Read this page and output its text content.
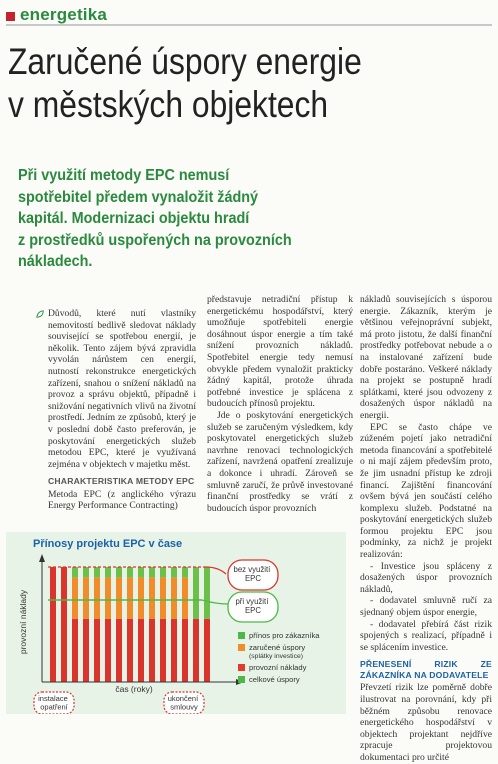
energetika
Zaručené úspory energie
v městských objektech
Při využití metody EPC nemusí
spotřebitel předem vynaložit žádný
kapitál. Modernizaci objektu hradí
z prostředků uspořených na provozních
nákladech.

Důvodů, které nutí vlastníky nemovitostí bedlivě sledovat náklady související se spotřebou energií, je několik. Tento zájem bývá zpravidla vyvolán nárůstem cen energií, nutností rekonstrukce energetických zařízení, snahou o snížení nákladů na provoz a správu objektů, případně i snižování negativních vlivů na životní prostředí. Jedním ze způsobů, který je v poslední době často preferován, je poskytování energetických služeb metodou EPC, které je využívaná zejména v objektech v majetku měst.

CHARAKTERISTIKA METODY EPC

Metoda EPC (z anglického výrazu Energy Performance Contracting)

představuje netradiční přístup k energetickému hospodářství, který umožňuje spotřebiteli energie dosáhnout úspor energie a tím také snížení provozních nákladů. Spotřebitel energie tedy nemusí obvykle předem vynaložit prakticky žádný kapitál, protože úhrada potřebné investice je splácena z budoucích přínosů projektu.

Jde o poskytování energetických služeb se zaručeným výsledkem, kdy poskytovatel energetických služeb navrhne renovaci technologických zařízení, navržená opatření zrealizuje a dokonce i uhradí. Zároveň se smluvně zaručí, že průvě investované finanční prostředky se vrátí z budoucích úspor provozních

nákladů souvisejících s úsporou energie. Zákazník, kterým je většinou veřejnoprávní subjekt, má proto jistotu, že další finanční prostředky potřebovat nebude a o na instalované zařízení bude dobře postaráno. Veškeré náklady na projekt se postupně hradí splátkami, které jsou odvozeny z dosažených úspor nákladů na energii.

EPC se často chápe ve zúženém pojetí jako netradiční metoda financování a spotřebitelé o ni mají zájem především proto, že jim usnadní přístup ke zdroji financí. Zajištění financování ovšem bývá jen součástí celého komplexu služeb. Podstatné na poskytování energetických služeb formou projektu EPC jsou podmínky, za nichž je projekt realizován:

- Investice jsou spláceny z dosažených úspor provozních nákladů,

- dodavatel smluvně ručí za sjednaný objem úspor energie,

- dodavatel přebírá část rizik spojených s realizací, případně i se splácením investice.

PŘENESENÍ RIZIK ZE ZÁKAZNÍKA NA DODAVATELE

Převzetí rizik lze poměrně dobře ilustrovat na porovnání, kdy při běžném způsobu renovace energetického hospodářství v objektech projektant nejdříve zpracuje projektovou dokumentaci pro určité

Přínosy projektu EPC v čase
provozní náklady
čas (roky)
bez využití EPC
při využití EPC
instalace opatření
ukončení smlouvy
přínos pro zákazníka
zaručené úspory
(splátky investice)
provozní náklady
celkové úspory
